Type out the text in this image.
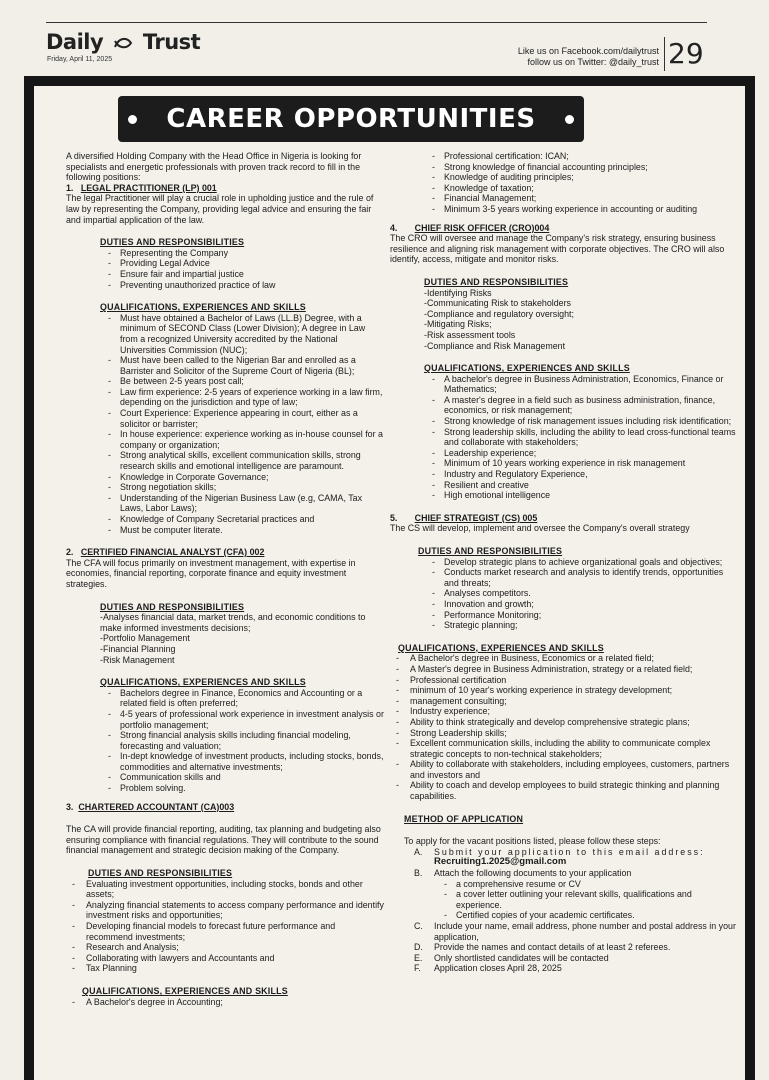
Daily Trust
Friday, April 11, 2025
Like us on Facebook.com/dailytrust
follow us on Twitter: @daily_trust 29
CAREER OPPORTUNITIES

A diversified Holding Company with the Head Office in Nigeria is looking for specialists and energetic professionals with proven track record to fill in the following positions:

1. LEGAL PRACTITIONER (LP) 001

The legal Practitioner will play a crucial role in upholding justice and the rule of law by representing the Company, providing legal advice and ensuring the fair and impartial application of the law.

DUTIES AND RESPONSIBILITIES

- Representing the Company

- Providing Legal Advice

- Ensure fair and impartial justice

- Preventing unauthorized practice of law

QUALIFICATIONS, EXPERIENCES AND SKILLS

- Must have obtained a Bachelor of Laws (LL.B) Degree, with a minimum of SECOND Class (Lower Division); A degree in Law from a recognized University accredited by the National Universities Commission (NUC);

- Must have been called to the Nigerian Bar and enrolled as a Barrister and Solicitor of the Supreme Court of Nigeria (BL);

- Be between 2-5 years post call;

- Law firm experience: 2-5 years of experience working in a law firm, depending on the jurisdiction and type of law;

- Court Experience: Experience appearing in court, either as a solicitor or barrister;

- In house experience: experience working as in-house counsel for a company or organization;

- Strong analytical skills, excellent communication skills, strong research skills and emotional intelligence are paramount.

- Knowledge in Corporate Governance;

- Strong negotiation skills;

- Understanding of the Nigerian Business Law (e.g, CAMA, Tax Laws, Labor Laws);

- Knowledge of Company Secretarial practices and

- Must be computer literate.

2. CERTIFIED FINANCIAL ANALYST (CFA) 002

The CFA will focus primarily on investment management, with expertise in economies, financial reporting, corporate finance and equity investment strategies.

DUTIES AND RESPONSIBILITIES

-Analyses financial data, market trends, and economic conditions to make informed investments decisions;

-Portfolio Management

-Financial Planning

-Risk Management

QUALIFICATIONS, EXPERIENCES AND SKILLS

- Bachelors degree in Finance, Economics and Accounting or a related field is often preferred;

- 4-5 years of professional work experience in investment analysis or portfolio management;

- Strong financial analysis skills including financial modeling, forecasting and valuation;

- In-dept knowledge of investment products, including stocks, bonds, commodities and alternative investments;

- Communication skills and

- Problem solving.

3. CHARTERED ACCOUNTANT (CA)003

The CA will provide financial reporting, auditing, tax planning and budgeting also ensuring compliance with financial regulations. They will contribute to the sound financial management and strategic decision making of the Company.

DUTIES AND RESPONSIBILITIES

- Evaluating investment opportunities, including stocks, bonds and other assets;

- Analyzing financial statements to access company performance and identify investment risks and opportunities;

- Developing financial models to forecast future performance and recommend investments;

- Research and Analysis;

- Collaborating with lawyers and Accountants and

- Tax Planning

QUALIFICATIONS, EXPERIENCES AND SKILLS

- A Bachelor's degree in Accounting;

- Professional certification: ICAN;

- Strong knowledge of financial accounting principles;

- Knowledge of auditing principles;

- Knowledge of taxation;

- Financial Management;

- Minimum 3-5 years working experience in accounting or auditing

4. CHIEF RISK OFFICER (CRO)004

The CRO will oversee and manage the Company's risk strategy, ensuring business resilience and aligning risk management with corporate objectives. The CRO will also identify, access, mitigate and monitor risks.

DUTIES AND RESPONSIBILITIES

-Identifying Risks

-Communicating Risk to stakeholders

-Compliance and regulatory oversight;

-Mitigating Risks;

-Risk assessment tools

-Compliance and Risk Management

QUALIFICATIONS, EXPERIENCES AND SKILLS

- A bachelor's degree in Business Administration, Economics, Finance or Mathematics;

- A master's degree in a field such as business administration, finance, economics, or risk management;

- Strong knowledge of risk management issues including risk identification;

- Strong leadership skills, including the ability to lead cross-functional teams and collaborate with stakeholders;

- Leadership experience;

- Minimum of 10 years working experience in risk management

- Industry and Regulatory Experience,

- Resilient and creative

- High emotional intelligence

5. CHIEF STRATEGIST (CS) 005

The CS will develop, implement and oversee the Company's overall strategy

DUTIES AND RESPONSIBILITIES

- Develop strategic plans to achieve organizational goals and objectives;

- Conducts market research and analysis to identify trends, opportunities and threats;

- Analyses competitors.

- Innovation and growth;

- Performance Monitoring;

- Strategic planning;

QUALIFICATIONS, EXPERIENCES AND SKILLS

- A Bachelor's degree in Business, Economics or a related field;

- A Master's degree in Business Administration, strategy or a related field;

- Professional certification

- minimum of 10 year's working experience in strategy development;

- management consulting;

- Industry experience;

- Ability to think strategically and develop comprehensive strategic plans;

- Strong Leadership skills;

- Excellent communication skills, including the ability to communicate complex strategic concepts to non-technical stakeholders;

- Ability to collaborate with stakeholders, including employees, customers, partners and investors and

- Ability to coach and develop employees to build strategic thinking and planning capabilities.

METHOD OF APPLICATION

To apply for the vacant positions listed, please follow these steps:

A. Submit your application to this email address:

Recruiting1.2025@gmail.com

B. Attach the following documents to your application

- a comprehensive resume or CV

- a cover letter outlining your relevant skills, qualifications and experience.

- Certified copies of your academic certificates.

C. Include your name, email address, phone number and postal address in your application,

D. Provide the names and contact details of at least 2 referees.

E. Only shortlisted candidates will be contacted

F. Application closes April 28, 2025
